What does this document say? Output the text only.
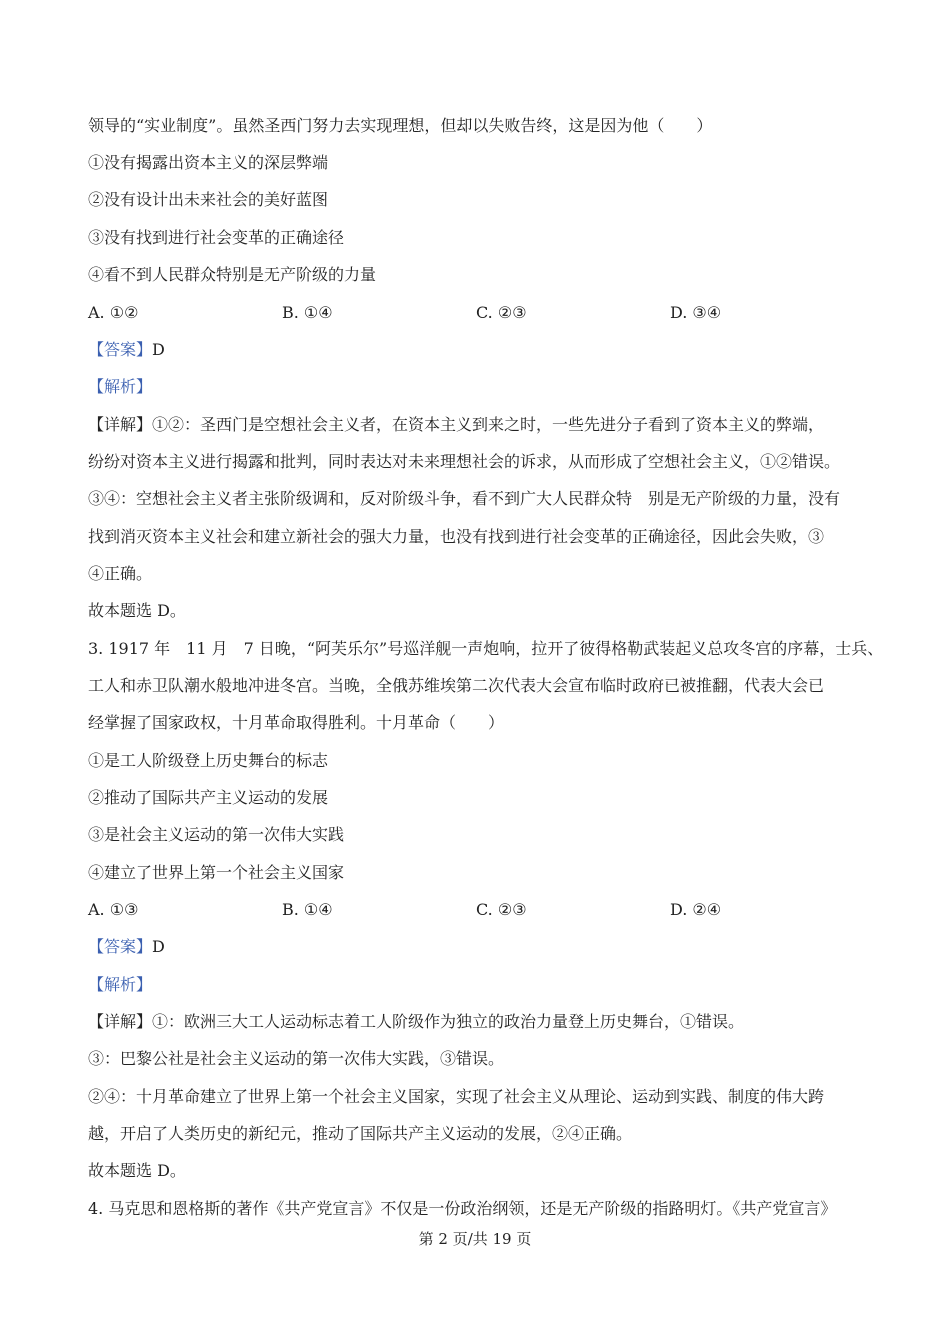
领导的“实业制度”。虽然圣西门努力去实现理想，但却以失败告终，这是因为他（　　）
①没有揭露出资本主义的深层弊端
②没有设计出未来社会的美好蓝图
③没有找到进行社会变革的正确途径
④看不到人民群众特别是无产阶级的力量
A. ①②	B. ①④	C. ②③	D. ③④
【答案】D
【解析】
【详解】①②：圣西门是空想社会主义者，在资本主义到来之时，一些先进分子看到了资本主义的弊端，
纷纷对资本主义进行揭露和批判，同时表达对未来理想社会的诉求，从而形成了空想社会主义，①②错误。
③④：空想社会主义者主张阶级调和，反对阶级斗争，看不到广大人民群众特　别是无产阶级的力量，没有
找到消灭资本主义社会和建立新社会的强大力量，也没有找到进行社会变革的正确途径，因此会失败，③
④正确。
故本题选 D。
3. 1917 年　11 月　7 日晚，“阿芙乐尔”号巡洋舰一声炮响，拉开了彼得格勒武装起义总攻冬宫的序幕，士兵、
工人和赤卫队潮水般地冲进冬宫。当晚，全俄苏维埃第二次代表大会宣布临时政府已被推翻，代表大会已
经掌握了国家政权，十月革命取得胜利。十月革命（　　）
①是工人阶级登上历史舞台的标志
②推动了国际共产主义运动的发展
③是社会主义运动的第一次伟大实践
④建立了世界上第一个社会主义国家
A. ①③	B. ①④	C. ②③	D. ②④
【答案】D
【解析】
【详解】①：欧洲三大工人运动标志着工人阶级作为独立的政治力量登上历史舞台，①错误。
③：巴黎公社是社会主义运动的第一次伟大实践，③错误。
②④：十月革命建立了世界上第一个社会主义国家，实现了社会主义从理论、运动到实践、制度的伟大跨
越，开启了人类历史的新纪元，推动了国际共产主义运动的发展，②④正确。
故本题选 D。
4. 马克思和恩格斯的著作《共产党宣言》不仅是一份政治纲领，还是无产阶级的指路明灯。《共产党宣言》
第 2 页/共 19 页
